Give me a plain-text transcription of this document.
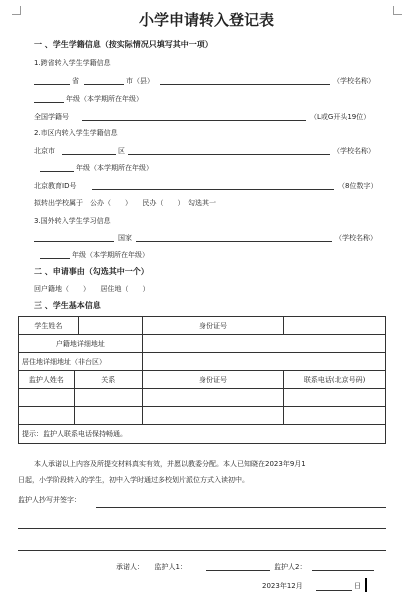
小学申请转入登记表
一 、学生学籍信息（按实际情况只填写其中一项）
1.跨省转入学生学籍信息
省	市（县）	（学校名称）
年级（本学期所在年级）
全国学籍号	（L或G开头19位）
2.市区内转入学生学籍信息
北京市	区	（学校名称）
年级（本学期所在年级）
北京教育ID号	（8位数字）
拟转出学校属于　公办（　　）　　民办（　　）　勾选其一
3.国外转入学生学习信息
国家	（学校名称）
年级（本学期所在年级）
二 、申请事由（勾选其中一个）
回户籍地（　　）　　居住地（　　）
三 、学生基本信息
学生姓名			身份证号	
户籍地详细地址				
居住地详细地址（非台区）				
监护人姓名	关系		身份证号	联系电话(北京号码)

提示：监护人联系电话保持畅通。				
本人承诺以上内容及所提交材料真实有效，并愿以教委分配。本人已知晓在2023年9月1
日起，小学阶段转入的学生，初中入学时通过多校划片派位方式入读初中。
监护人抄写并签字：
承诺人：　　监护人1：	监护人2：
2023年12月	日
